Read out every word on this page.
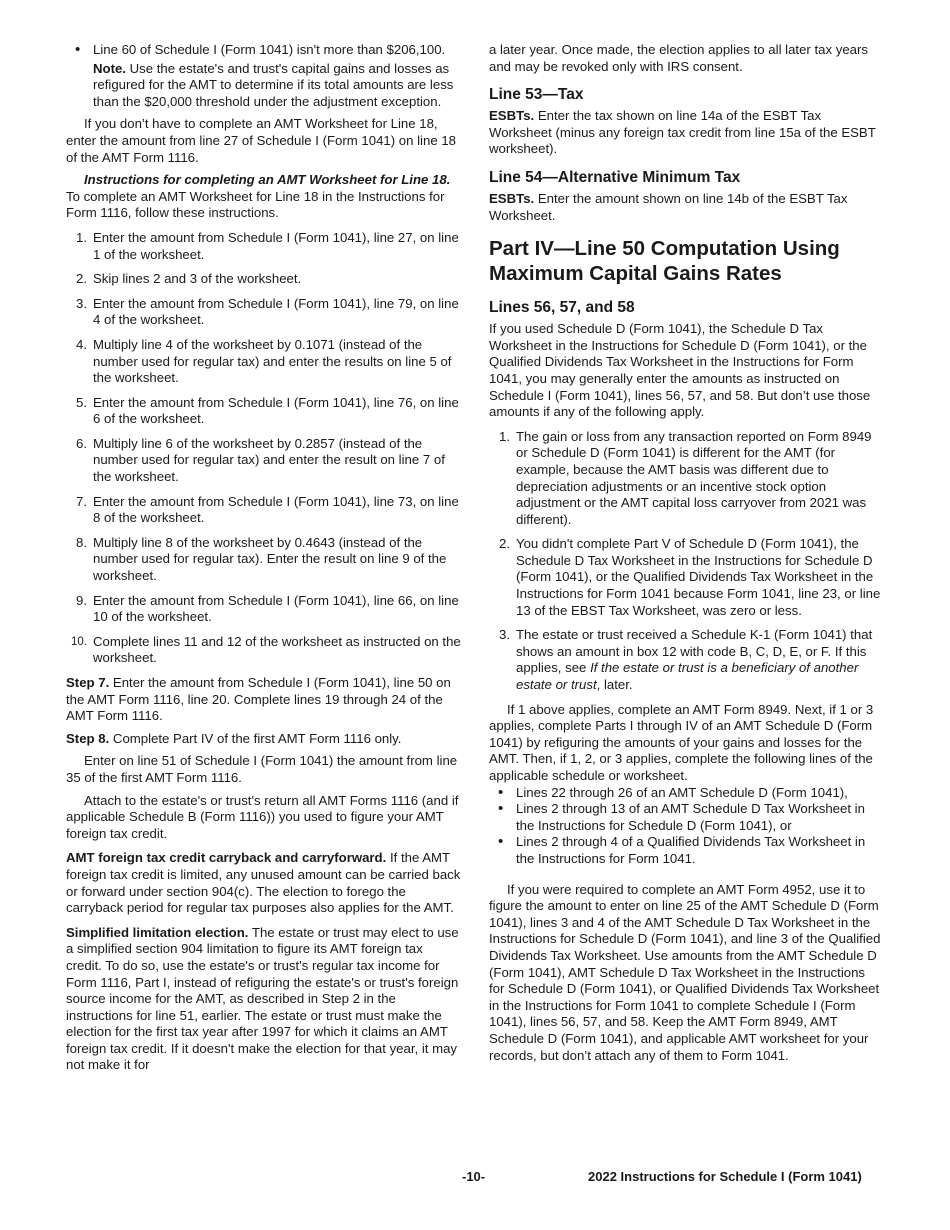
• Line 60 of Schedule I (Form 1041) isn't more than $206,100.

Note. Use the estate's and trust's capital gains and losses as refigured for the AMT to determine if its total amounts are less than the $20,000 threshold under the adjustment exception.

If you don’t have to complete an AMT Worksheet for Line 18, enter the amount from line 27 of Schedule I (Form 1041) on line 18 of the AMT Form 1116.

Instructions for completing an AMT Worksheet for Line 18. To complete an AMT Worksheet for Line 18 in the Instructions for Form 1116, follow these instructions.

1. Enter the amount from Schedule I (Form 1041), line 27, on line 1 of the worksheet.
2. Skip lines 2 and 3 of the worksheet.
3. Enter the amount from Schedule I (Form 1041), line 79, on line 4 of the worksheet.
4. Multiply line 4 of the worksheet by 0.1071 (instead of the number used for regular tax) and enter the results on line 5 of the worksheet.
5. Enter the amount from Schedule I (Form 1041), line 76, on line 6 of the worksheet.
6. Multiply line 6 of the worksheet by 0.2857 (instead of the number used for regular tax) and enter the result on line 7 of the worksheet.
7. Enter the amount from Schedule I (Form 1041), line 73, on line 8 of the worksheet.
8. Multiply line 8 of the worksheet by 0.4643 (instead of the number used for regular tax). Enter the result on line 9 of the worksheet.
9. Enter the amount from Schedule I (Form 1041), line 66, on line 10 of the worksheet.
10. Complete lines 11 and 12 of the worksheet as instructed on the worksheet.

Step 7. Enter the amount from Schedule I (Form 1041), line 50 on the AMT Form 1116, line 20. Complete lines 19 through 24 of the AMT Form 1116.

Step 8. Complete Part IV of the first AMT Form 1116 only.

Enter on line 51 of Schedule I (Form 1041) the amount from line 35 of the first AMT Form 1116.

Attach to the estate's or trust's return all AMT Forms 1116 (and if applicable Schedule B (Form 1116)) you used to figure your AMT foreign tax credit.

AMT foreign tax credit carryback and carryforward. If the AMT foreign tax credit is limited, any unused amount can be carried back or forward under section 904(c). The election to forego the carryback period for regular tax purposes also applies for the AMT.

Simplified limitation election. The estate or trust may elect to use a simplified section 904 limitation to figure its AMT foreign tax credit. To do so, use the estate's or trust's regular tax income for Form 1116, Part I, instead of refiguring the estate's or trust's foreign source income for the AMT, as described in Step 2 in the instructions for line 51, earlier. The estate or trust must make the election for the first tax year after 1997 for which it claims an AMT foreign tax credit. If it doesn't make the election for that year, it may not make it for

a later year. Once made, the election applies to all later tax years and may be revoked only with IRS consent.

Line 53—Tax

ESBTs. Enter the tax shown on line 14a of the ESBT Tax Worksheet (minus any foreign tax credit from line 15a of the ESBT worksheet).

Line 54—Alternative Minimum Tax

ESBTs. Enter the amount shown on line 14b of the ESBT Tax Worksheet.

Part IV—Line 50 Computation Using Maximum Capital Gains Rates
Lines 56, 57, and 58

If you used Schedule D (Form 1041), the Schedule D Tax Worksheet in the Instructions for Schedule D (Form 1041), or the Qualified Dividends Tax Worksheet in the Instructions for Form 1041, you may generally enter the amounts as instructed on Schedule I (Form 1041), lines 56, 57, and 58. But don’t use those amounts if any of the following apply.

1. The gain or loss from any transaction reported on Form 8949 or Schedule D (Form 1041) is different for the AMT (for example, because the AMT basis was different due to depreciation adjustments or an incentive stock option adjustment or the AMT capital loss carryover from 2021 was different).
2. You didn't complete Part V of Schedule D (Form 1041), the Schedule D Tax Worksheet in the Instructions for Schedule D (Form 1041), or the Qualified Dividends Tax Worksheet in the Instructions for Form 1041 because Form 1041, line 23, or line 13 of the EBST Tax Worksheet, was zero or less.
3. The estate or trust received a Schedule K-1 (Form 1041) that shows an amount in box 12 with code B, C, D, E, or F. If this applies, see If the estate or trust is a beneficiary of another estate or trust, later.

If 1 above applies, complete an AMT Form 8949. Next, if 1 or 3 applies, complete Parts I through IV of an AMT Schedule D (Form 1041) by refiguring the amounts of your gains and losses for the AMT. Then, if 1, 2, or 3 applies, complete the following lines of the applicable schedule or worksheet.

• Lines 22 through 26 of an AMT Schedule D (Form 1041),
• Lines 2 through 13 of an AMT Schedule D Tax Worksheet in the Instructions for Schedule D (Form 1041), or
• Lines 2 through 4 of a Qualified Dividends Tax Worksheet in the Instructions for Form 1041.

If you were required to complete an AMT Form 4952, use it to figure the amount to enter on line 25 of the AMT Schedule D (Form 1041), lines 3 and 4 of the AMT Schedule D Tax Worksheet in the Instructions for Schedule D (Form 1041), and line 3 of the Qualified Dividends Tax Worksheet. Use amounts from the AMT Schedule D (Form 1041), AMT Schedule D Tax Worksheet in the Instructions for Schedule D (Form 1041), or Qualified Dividends Tax Worksheet in the Instructions for Form 1041 to complete Schedule I (Form 1041), lines 56, 57, and 58. Keep the AMT Form 8949, AMT Schedule D (Form 1041), and applicable AMT worksheet for your records, but don’t attach any of them to Form 1041.

-10-	2022 Instructions for Schedule I (Form 1041)
